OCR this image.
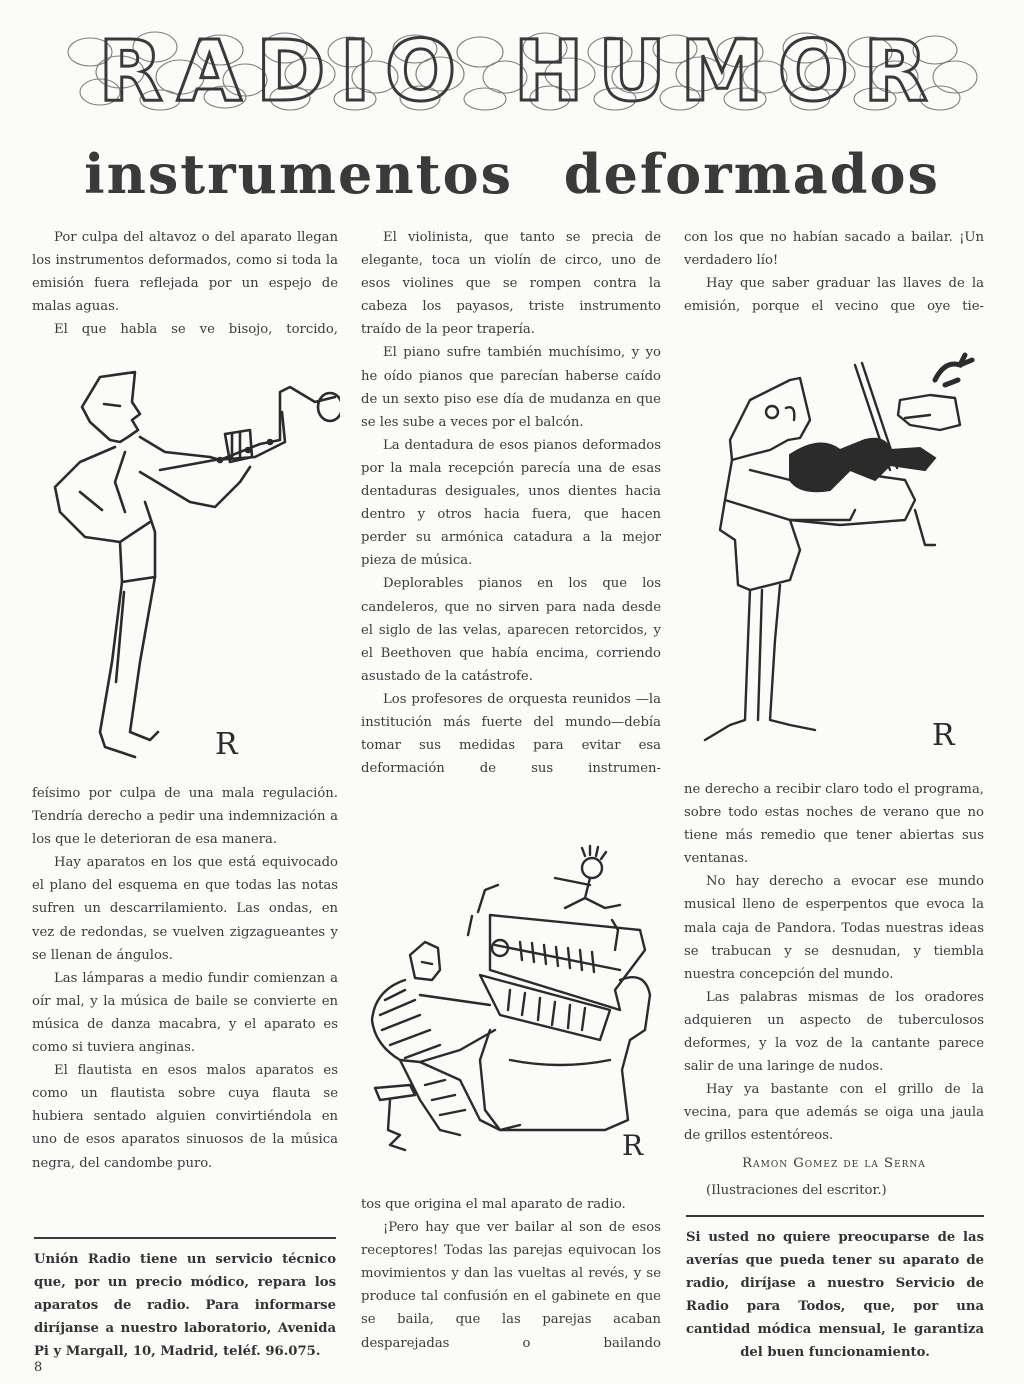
RADIO HUMOR
instrumentos deformados

Por culpa del altavoz o del aparato llegan los instrumentos deformados, como si toda la emisión fuera reflejada por un espejo de malas aguas.

El que habla se ve bisojo, torcido,

R

feísimo por culpa de una mala regulación. Tendría derecho a pedir una indemnización a los que le deterioran de esa manera.

Hay aparatos en los que está equivocado el plano del esquema en que todas las notas sufren un descarrilamiento. Las ondas, en vez de redondas, se vuelven zigzagueantes y se llenan de ángulos.

Las lámparas a medio fundir comienzan a oír mal, y la música de baile se convierte en música de danza macabra, y el aparato es como si tuviera anginas.

El flautista en esos malos aparatos es como un flautista sobre cuya flauta se hubiera sentado alguien convirtiéndola en uno de esos aparatos sinuosos de la música negra, del candombe puro.

Unión Radio tiene un servicio técnico que, por un precio módico, repara los aparatos de radio. Para informarse diríjanse a nuestro laboratorio, Avenida Pi y Margall, 10, Madrid, teléf. 96.075.

El violinista, que tanto se precia de elegante, toca un violín de circo, uno de esos violines que se rompen contra la cabeza los payasos, triste instrumento traído de la peor trapería.

El piano sufre también muchísimo, y yo he oído pianos que parecían haberse caído de un sexto piso ese día de mudanza en que se les sube a veces por el balcón.

La dentadura de esos pianos deformados por la mala recepción parecía una de esas dentaduras desiguales, unos dientes hacia dentro y otros hacia fuera, que hacen perder su armónica catadura a la mejor pieza de música.

Deplorables pianos en los que los candeleros, que no sirven para nada desde el siglo de las velas, aparecen retorcidos, y el Beethoven que había encima, corriendo asustado de la catástrofe.

Los profesores de orquesta reunidos —la institución más fuerte del mundo—debía tomar sus medidas para evitar esa deformación de sus instrumen-

R

tos que origina el mal aparato de radio.

¡Pero hay que ver bailar al son de esos receptores! Todas las parejas equivocan los movimientos y dan las vueltas al revés, y se produce tal confusión en el gabinete en que se baila, que las parejas acaban desparejadas o bailando

con los que no habían sacado a bailar. ¡Un verdadero lío!

Hay que saber graduar las llaves de la emisión, porque el vecino que oye tie-

R

ne derecho a recibir claro todo el programa, sobre todo estas noches de verano que no tiene más remedio que tener abiertas sus ventanas.

No hay derecho a evocar ese mundo musical lleno de esperpentos que evoca la mala caja de Pandora. Todas nuestras ideas se trabucan y se desnudan, y tiembla nuestra concepción del mundo.

Las palabras mismas de los oradores adquieren un aspecto de tuberculosos deformes, y la voz de la cantante parece salir de una laringe de nudos.

Hay ya bastante con el grillo de la vecina, para que además se oiga una jaula de grillos estentóreos.

Ramon Gomez de la Serna

(Ilustraciones del escritor.)

Si usted no quiere preocuparse de las averías que pueda tener su aparato de radio, diríjase a nuestro Servicio de Radio para Todos, que, por una cantidad módica mensual, le garantiza del buen funcionamiento.
8
